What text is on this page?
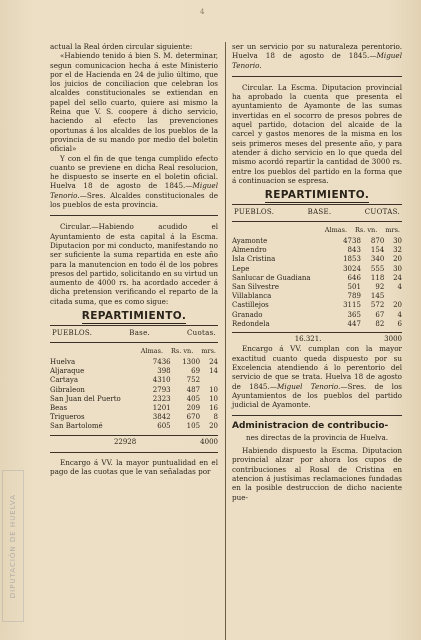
4
DIPUTACIÓN DE HUELVA

actual la Real órden circular siguiente:

«Habiendo tenido á bien S. M. determinar, segun comunicacion hecha á este Ministerio por el de Hacienda en 24 de julio último, que los juicios de conciliacion que celebran los alcaldes constitucionales se extiendan en papel del sello cuarto, quiere asi mismo la Reina que V. S. coopere á dicho servicio, haciendo al efecto las prevenciones oportunas á los alcaldes de los pueblos de la provincia de su mando por medio del boletin oficial»

Y con el fin de que tenga cumplido efecto cuanto se previene en dicha Real resolucion, he dispuesto se inserte en el boletin oficial. Huelva 18 de agosto de 1845.—Miguel Tenorio.—Sres. Alcaldes constitucionales de los pueblos de esta provincia.

Circular.—Habiendo acudido el Ayuntamiento de esta capital á la Escma. Diputacion por mi conducto, manifestando no ser suficiente la suma repartida en este año para la manutencion en todo él de los pobres presos del partido, solicitando en su virtud un aumento de 4000 rs. ha acordado acceder á dicha pretension verificando el reparto de la citada suma, que es como sigue:

REPARTIMIENTO.
PUEBLOS.	Base.	Cuotas.
Almas. Rs. vn. mrs.
Huelva	7436	1300	24
Aljaraque	398	69	14
Cartaya	4310	752	
Gibraleon	2793	487	10
San Juan del Puerto	2323	405	10
Beas	1201	209	16
Trigueros	3842	670	8
San Bartolomé	605	105	20
22928	4000

Encargo á VV. la mayor puntualidad en el pago de las cuotas que le van señaladas por

ser un servicio por su naturaleza perentorio. Huelva 18 de agosto de 1845.—Miguel Tenorio.

Circular. La Escma. Diputacion provincial ha aprobado la cuenta que presenta el ayuntamiento de Ayamonte de las sumas invertidas en el socorro de presos pobres de aquel partido, dotacion del alcaide de la carcel y gastos menores de la misma en los seis primeros meses del presente año, y para atender á dicho servicio en lo que queda del mismo acordó repartir la cantidad de 3000 rs. entre los pueblos del partido en la forma que á continuacion se espresa.

REPARTIMIENTO.
PUEBLOS.	BASE.	CUOTAS.
Almas. Rs. vn. mrs.
Ayamonte	4738	870	30
Almendro	843	154	32
Isla Cristina	1853	340	20
Lepe	3024	555	30
Sanlucar de Guadiana	646	118	24
San Silvestre	501	92	4
Villablanca	789	145	
Castillejos	3115	572	20
Granado	365	67	4
Redondela	447	82	6
16.321.	3000

Encargo á VV. cumplan con la mayor exactitud cuanto queda dispuesto por su Excelencia atendiendo á lo perentorio del servicio de que se trata. Huelva 18 de agosto de 1845.—Miguel Tenorio.—Sres. de los Ayuntamientos de los pueblos del partido judicial de Ayamonte.

Administracion de contribucio-
nes directas de la provincia de Huelva.

Habiendo dispuesto la Escma. Diputacion provincial alzar por ahora los cupos de contribuciones al Rosal de Cristina en atencion á justísimas reclamaciones fundadas en la posible destruccion de dicho naciente pue-
